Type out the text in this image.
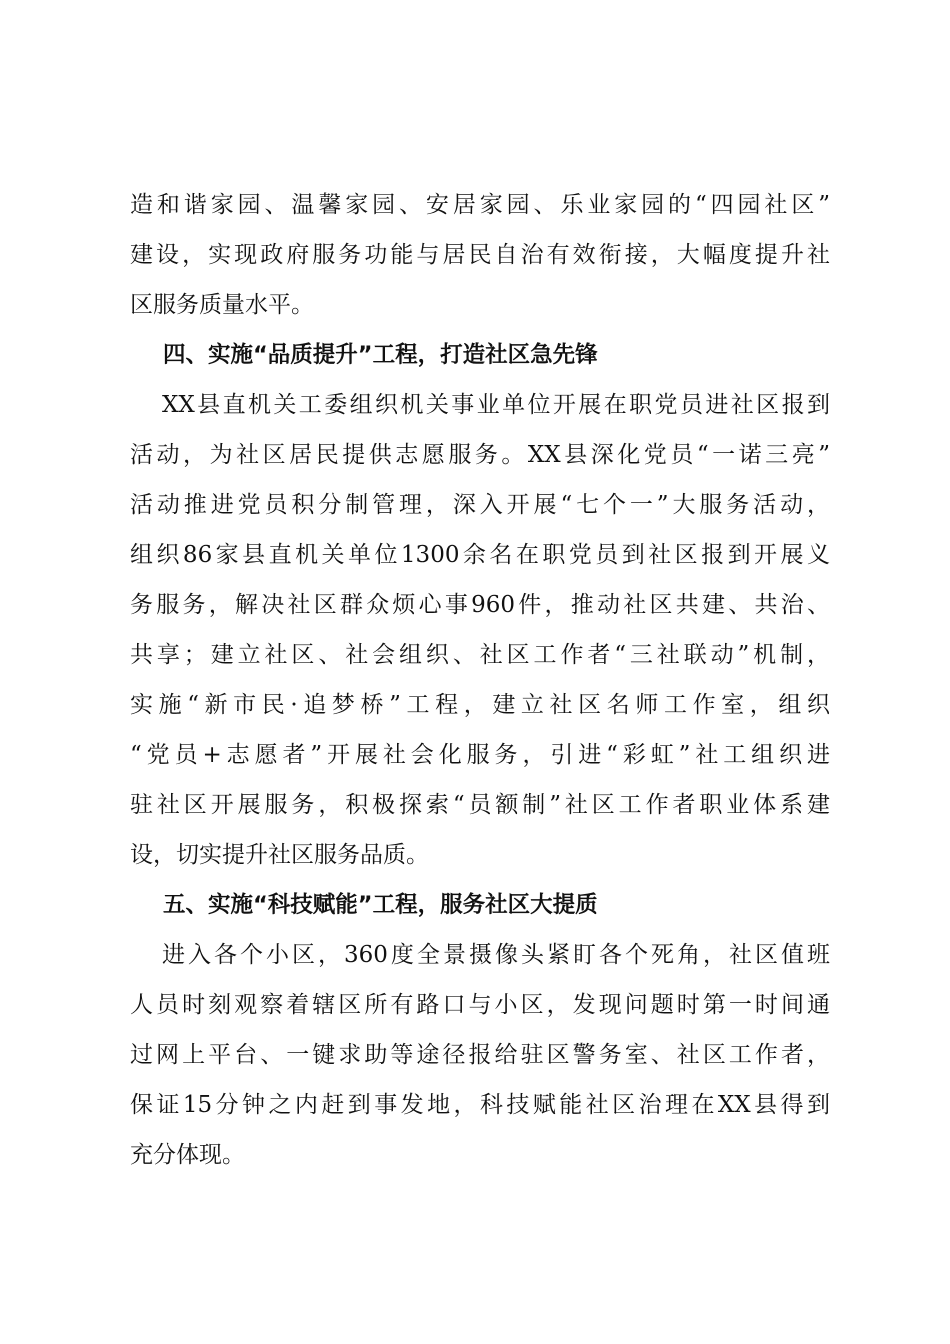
造和谐家园、温馨家园、安居家园、乐业家园的“四园社区”
建设，实现政府服务功能与居民自治有效衔接，大幅度提升社
区服务质量水平。
四、实施“品质提升”工程，打造社区急先锋
XX县直机关工委组织机关事业单位开展在职党员进社区报到
活动，为社区居民提供志愿服务。XX县深化党员“一诺三亮”
活动推进党员积分制管理，深入开展“七个一”大服务活动，
组织86家县直机关单位1300余名在职党员到社区报到开展义
务服务，解决社区群众烦心事960件，推动社区共建、共治、
共享；建立社区、社会组织、社区工作者“三社联动”机制，
实施“新市民·追梦桥”工程，建立社区名师工作室，组织
“党员+志愿者”开展社会化服务，引进“彩虹”社工组织进
驻社区开展服务，积极探索“员额制”社区工作者职业体系建
设，切实提升社区服务品质。
五、实施“科技赋能”工程，服务社区大提质
进入各个小区，360度全景摄像头紧盯各个死角，社区值班
人员时刻观察着辖区所有路口与小区，发现问题时第一时间通
过网上平台、一键求助等途径报给驻区警务室、社区工作者，
保证15分钟之内赶到事发地，科技赋能社区治理在XX县得到
充分体现。
